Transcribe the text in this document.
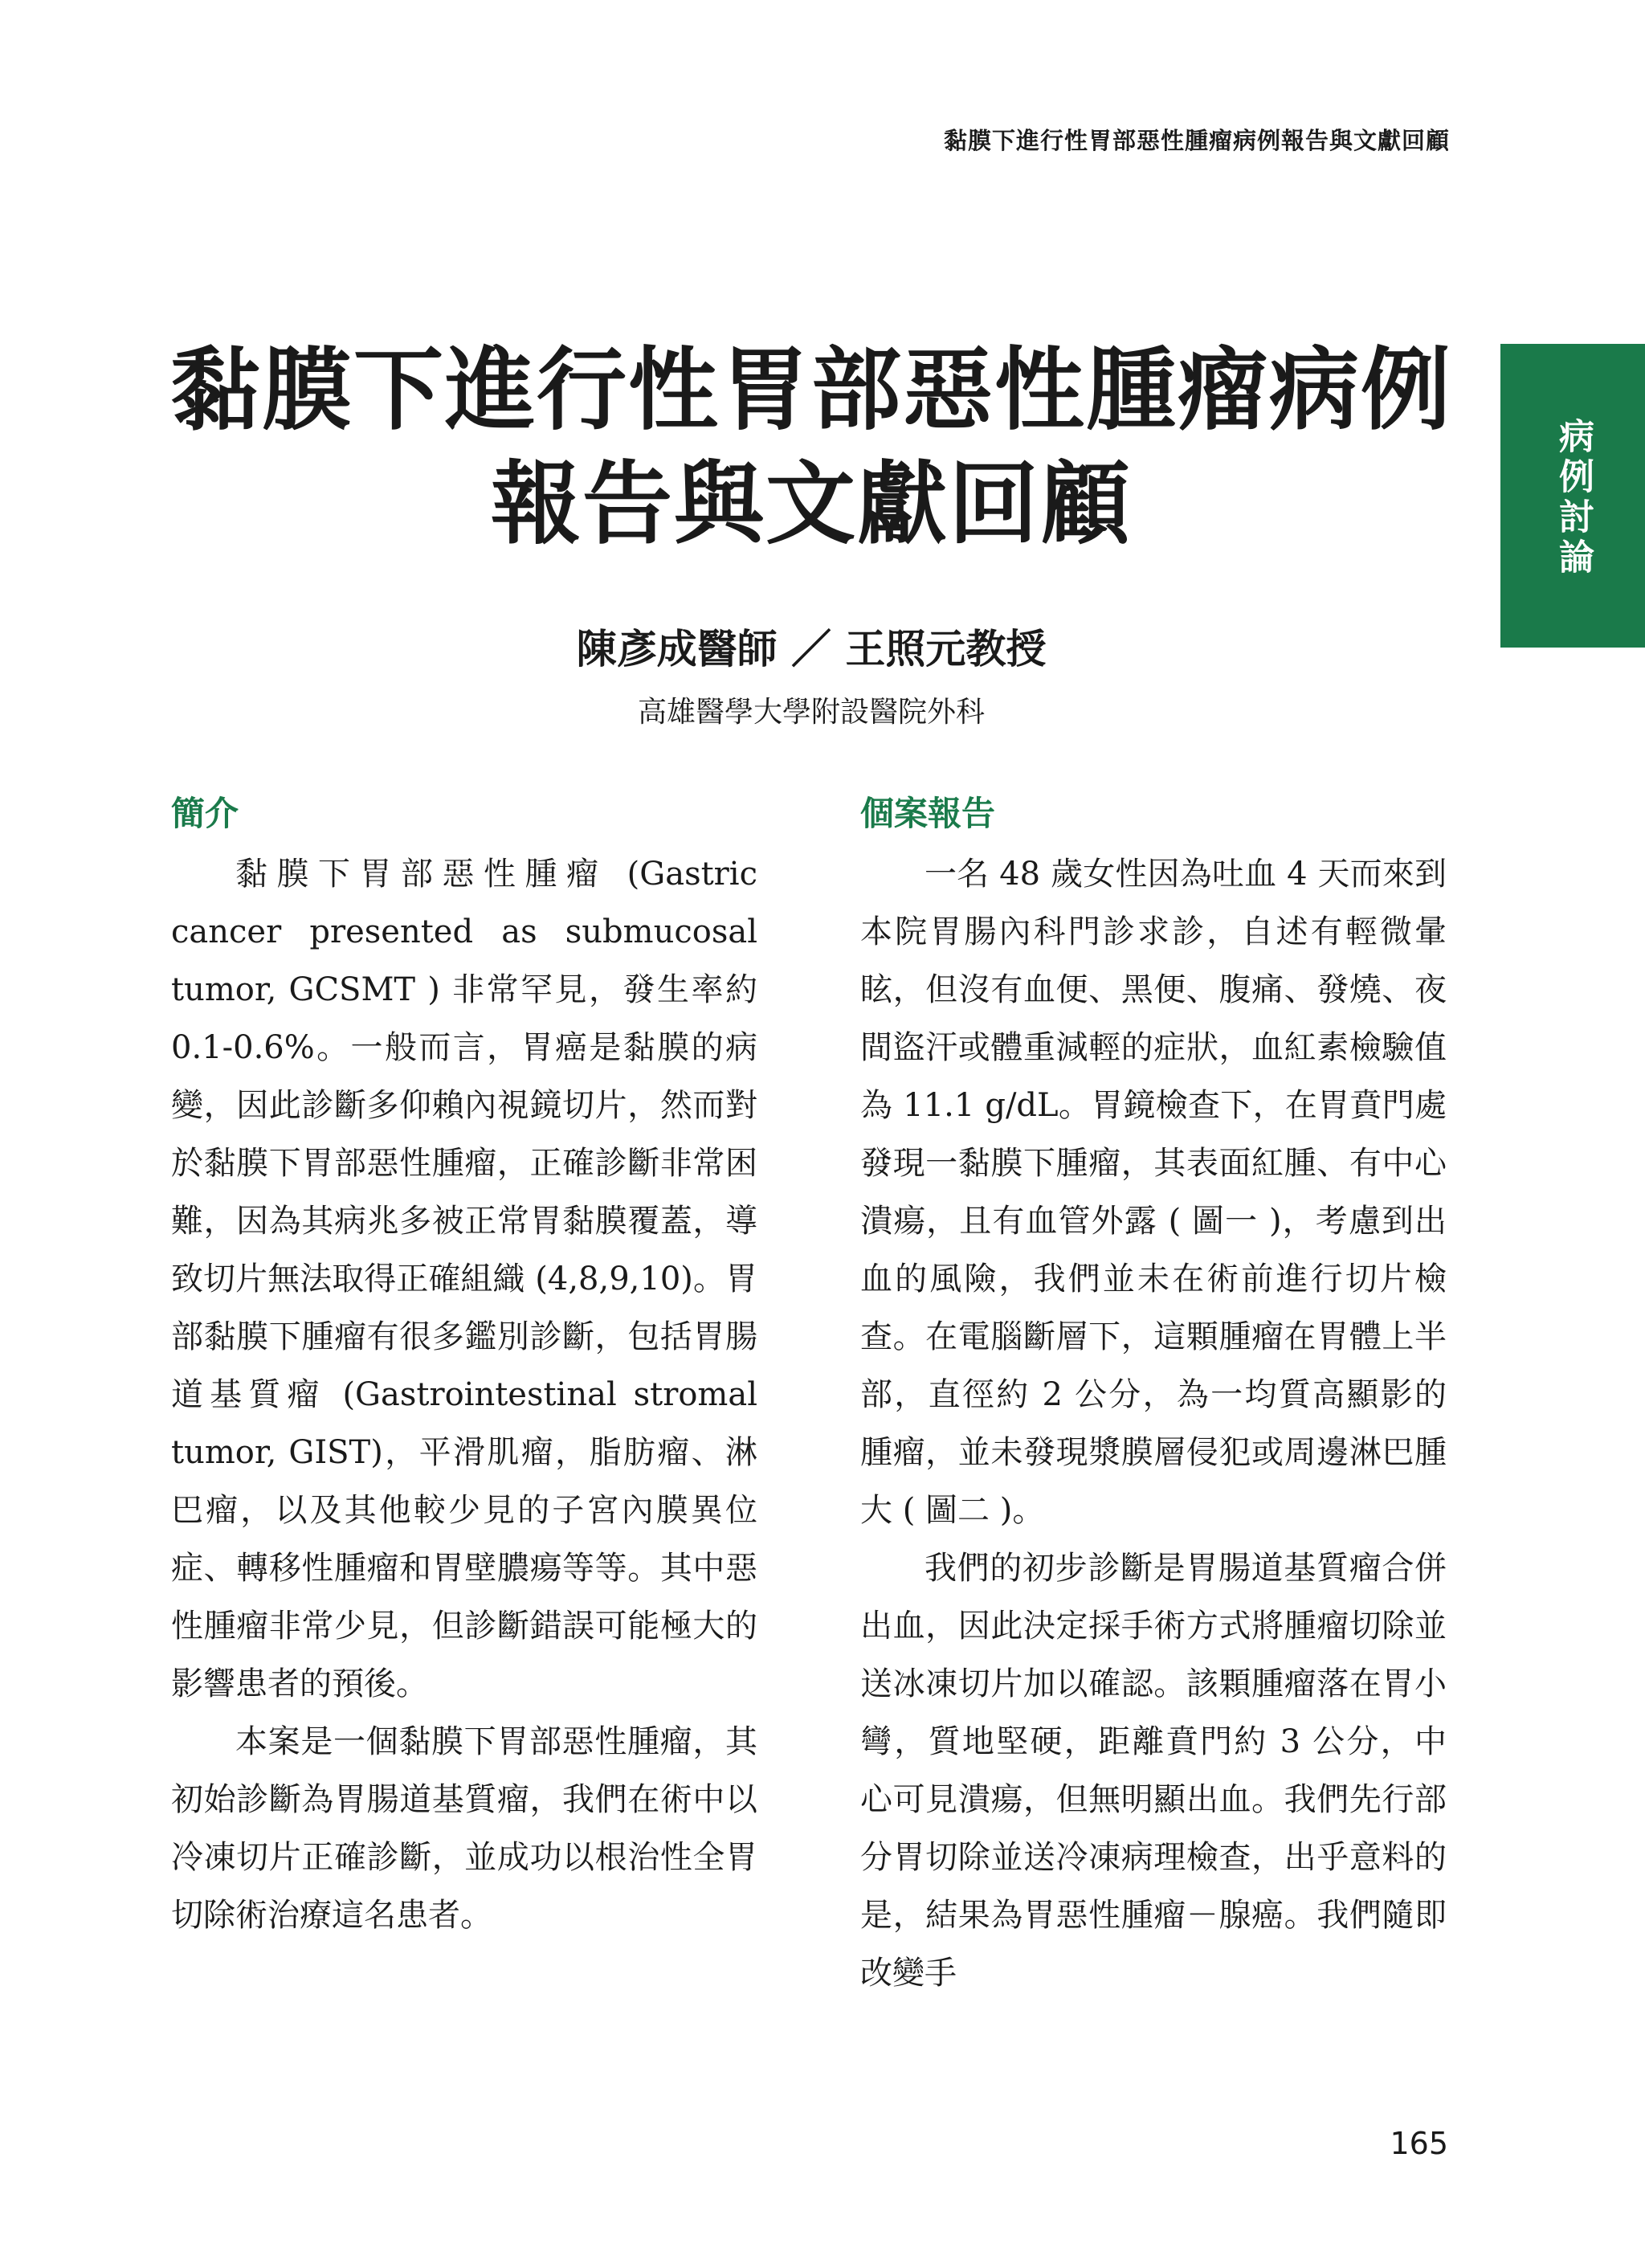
黏膜下進行性胃部惡性腫瘤病例報告與文獻回顧
病例討論
黏膜下進行性胃部惡性腫瘤病例
報告與文獻回顧
陳彥成醫師 ／ 王照元教授
高雄醫學大學附設醫院外科
簡介

黏膜下胃部惡性腫瘤 (Gastric cancer presented as submucosal tumor, GCSMT ) 非常罕見，發生率約 0.1-0.6%。一般而言，胃癌是黏膜的病變，因此診斷多仰賴內視鏡切片，然而對於黏膜下胃部惡性腫瘤，正確診斷非常困難，因為其病兆多被正常胃黏膜覆蓋，導致切片無法取得正確組織 (4,8,9,10)。胃部黏膜下腫瘤有很多鑑別診斷，包括胃腸道基質瘤 (Gastrointestinal stromal tumor, GIST)，平滑肌瘤，脂肪瘤、淋巴瘤，以及其他較少見的子宮內膜異位症、轉移性腫瘤和胃壁膿瘍等等。其中惡性腫瘤非常少見，但診斷錯誤可能極大的影響患者的預後。

本案是一個黏膜下胃部惡性腫瘤，其初始診斷為胃腸道基質瘤，我們在術中以冷凍切片正確診斷，並成功以根治性全胃切除術治療這名患者。

個案報告

一名 48 歲女性因為吐血 4 天而來到本院胃腸內科門診求診，自述有輕微暈眩，但沒有血便、黑便、腹痛、發燒、夜間盜汗或體重減輕的症狀，血紅素檢驗值為 11.1 g/dL。胃鏡檢查下，在胃賁門處發現一黏膜下腫瘤，其表面紅腫、有中心潰瘍，且有血管外露 ( 圖一 )，考慮到出血的風險，我們並未在術前進行切片檢查。在電腦斷層下，這顆腫瘤在胃體上半部，直徑約 2 公分，為一均質高顯影的腫瘤，並未發現漿膜層侵犯或周邊淋巴腫大 ( 圖二 )。

我們的初步診斷是胃腸道基質瘤合併出血，因此決定採手術方式將腫瘤切除並送冰凍切片加以確認。該顆腫瘤落在胃小彎，質地堅硬，距離賁門約 3 公分，中心可見潰瘍，但無明顯出血。我們先行部分胃切除並送冷凍病理檢查，出乎意料的是，結果為胃惡性腫瘤－腺癌。我們隨即改變手

165
